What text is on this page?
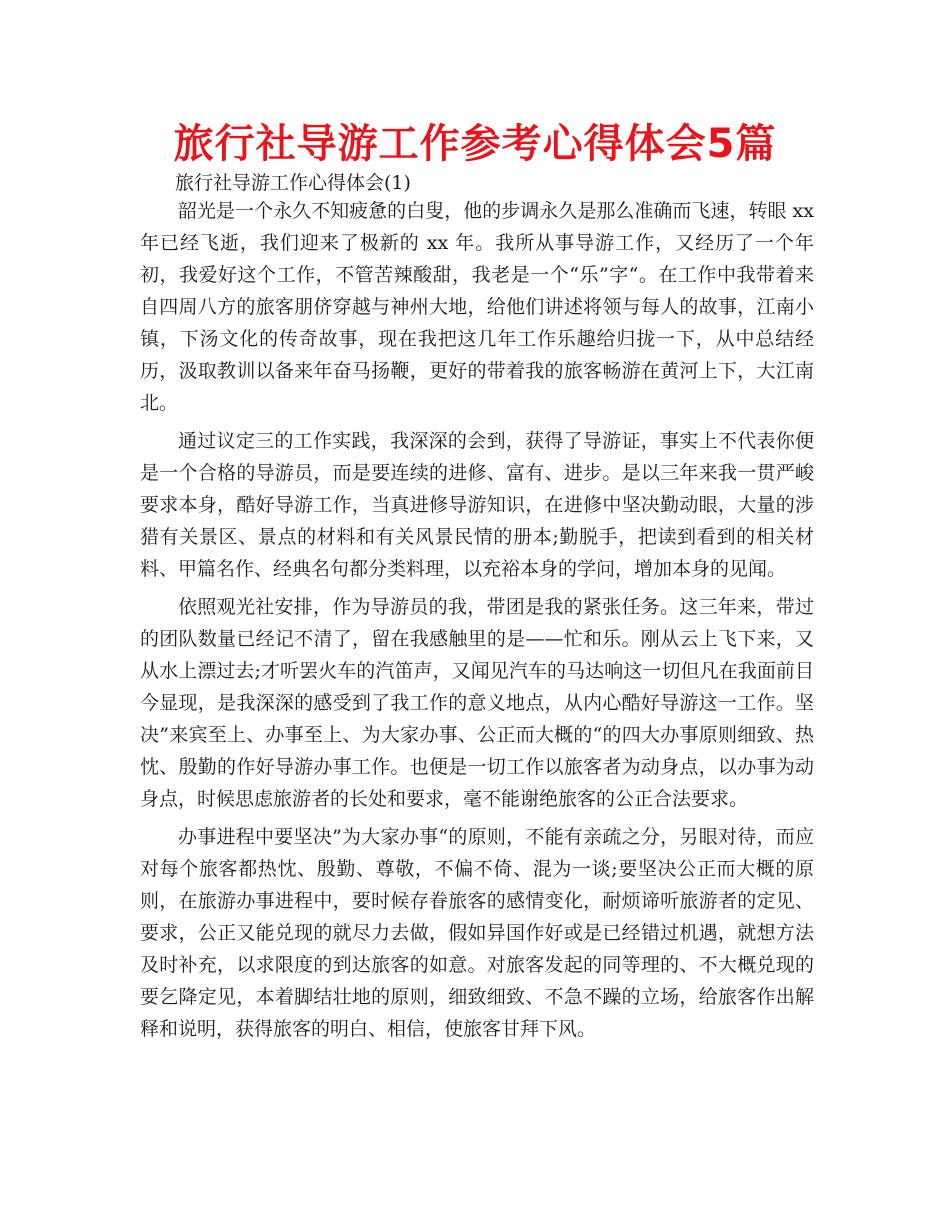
旅行社导游工作参考心得体会5篇

旅行社导游工作心得体会(1)

韶光是一个永久不知疲惫的白叟，他的步调永久是那么准确而飞速，转眼 xx 年已经飞逝，我们迎来了极新的 xx 年。我所从事导游工作，又经历了一个年初，我爱好这个工作，不管苦辣酸甜，我老是一个“乐”字“。在工作中我带着来自四周八方的旅客朋侪穿越与神州大地，给他们讲述将领与每人的故事，江南小镇，下汤文化的传奇故事，现在我把这几年工作乐趣给归拢一下，从中总结经历，汲取教训以备来年奋马扬鞭，更好的带着我的旅客畅游在黄河上下，大江南北。

通过议定三的工作实践，我深深的会到，获得了导游证，事实上不代表你便是一个合格的导游员，而是要连续的进修、富有、进步。是以三年来我一贯严峻要求本身，酷好导游工作，当真进修导游知识，在进修中坚决勤动眼，大量的涉猎有关景区、景点的材料和有关风景民情的册本;勤脱手，把读到看到的相关材料、甲篇名作、经典名句都分类料理，以充裕本身的学问，增加本身的见闻。

依照观光社安排，作为导游员的我，带团是我的紧张任务。这三年来，带过的团队数量已经记不清了，留在我感触里的是——忙和乐。刚从云上飞下来，又从水上漂过去;才听罢火车的汽笛声，又闻见汽车的马达响这一切但凡在我面前目今显现，是我深深的感受到了我工作的意义地点，从内心酷好导游这一工作。坚决”来宾至上、办事至上、为大家办事、公正而大概的“的四大办事原则细致、热忱、殷勤的作好导游办事工作。也便是一切工作以旅客者为动身点，以办事为动身点，时候思虑旅游者的长处和要求，毫不能谢绝旅客的公正合法要求。

办事进程中要坚决”为大家办事“的原则，不能有亲疏之分，另眼对待，而应对每个旅客都热忱、殷勤、尊敬，不偏不倚、混为一谈;要坚决公正而大概的原则，在旅游办事进程中，要时候存眷旅客的感情变化，耐烦谛听旅游者的定见、要求，公正又能兑现的就尽力去做，假如异国作好或是已经错过机遇，就想方法及时补充，以求限度的到达旅客的如意。对旅客发起的同等理的、不大概兑现的要乞降定见，本着脚结壮地的原则，细致细致、不急不躁的立场，给旅客作出解释和说明，获得旅客的明白、相信，使旅客甘拜下风。
